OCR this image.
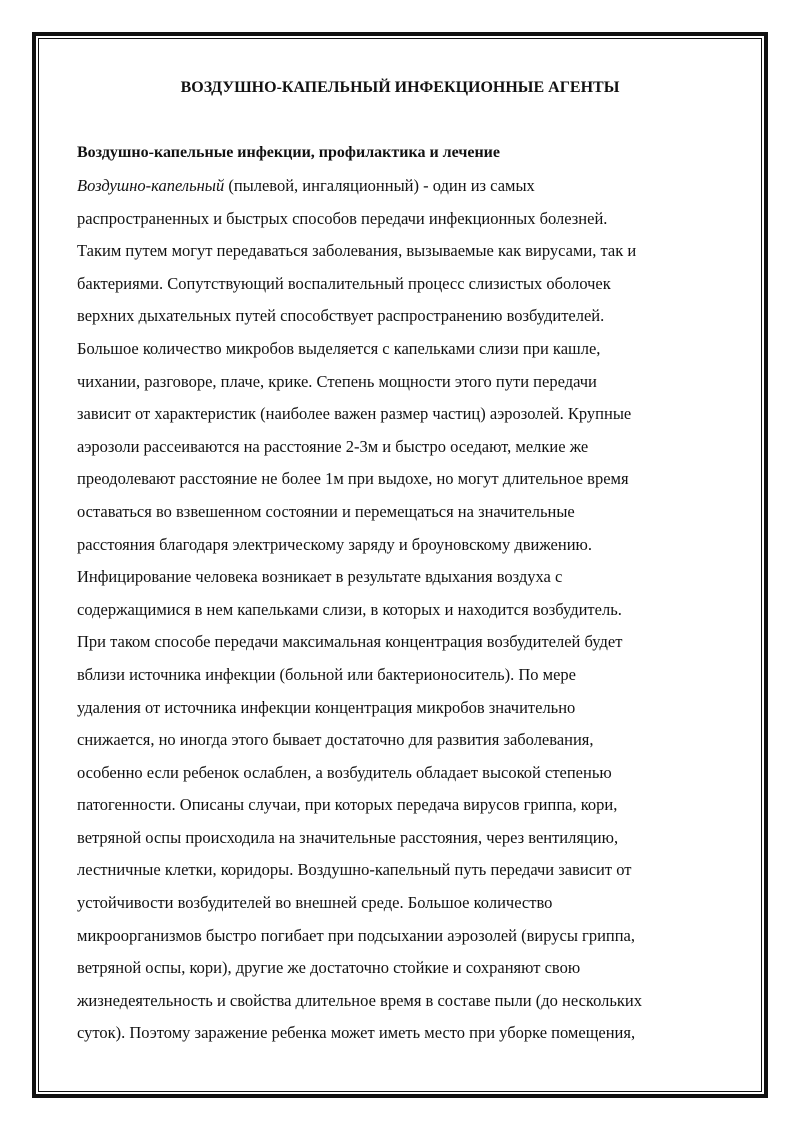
ВОЗДУШНО-КАПЕЛЬНЫЙ ИНФЕКЦИОННЫЕ АГЕНТЫ
Воздушно-капельные инфекции, профилактика и лечение
Воздушно-капельный (пылевой, ингаляционный) - один из самых
распространенных и быстрых способов передачи инфекционных болезней.
Таким путем могут передаваться заболевания, вызываемые как вирусами, так и
бактериями. Сопутствующий воспалительный процесс слизистых оболочек
верхних дыхательных путей способствует распространению возбудителей.
Большое количество микробов выделяется с капельками слизи при кашле,
чихании, разговоре, плаче, крике. Степень мощности этого пути передачи
зависит от характеристик (наиболее важен размер частиц) аэрозолей. Крупные
аэрозоли рассеиваются на расстояние 2-3м и быстро оседают, мелкие же
преодолевают расстояние не более 1м при выдохе, но могут длительное время
оставаться во взвешенном состоянии и перемещаться на значительные
расстояния благодаря электрическому заряду и броуновскому движению.
Инфицирование человека возникает в результате вдыхания воздуха с
содержащимися в нем капельками слизи, в которых и находится возбудитель.
При таком способе передачи максимальная концентрация возбудителей будет
вблизи источника инфекции (больной или бактерионоситель). По мере
удаления от источника инфекции концентрация микробов значительно
снижается, но иногда этого бывает достаточно для развития заболевания,
особенно если ребенок ослаблен, а возбудитель обладает высокой степенью
патогенности. Описаны случаи, при которых передача вирусов гриппа, кори,
ветряной оспы происходила на значительные расстояния, через вентиляцию,
лестничные клетки, коридоры. Воздушно-капельный путь передачи зависит от
устойчивости возбудителей во внешней среде. Большое количество
микроорганизмов быстро погибает при подсыхании аэрозолей (вирусы гриппа,
ветряной оспы, кори), другие же достаточно стойкие и сохраняют свою
жизнедеятельность и свойства длительное время в составе пыли (до нескольких
суток). Поэтому заражение ребенка может иметь место при уборке помещения,
